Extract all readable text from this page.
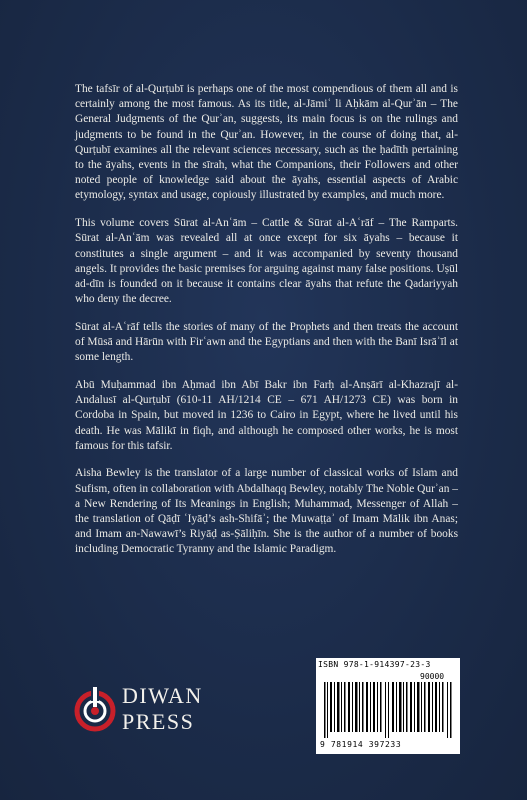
The tafsīr of al-Qurṭubī is perhaps one of the most compendious of them all and is certainly among the most famous. As its title, al-Jāmiʿ li Aḥkām al-Qurʾān – The General Judgments of the Qurʾan, suggests, its main focus is on the rulings and judgments to be found in the Qurʾan. However, in the course of doing that, al-Qurṭubī examines all the relevant sciences necessary, such as the ḥadīth pertaining to the āyahs, events in the sīrah, what the Companions, their Followers and other noted people of knowledge said about the āyahs, essential aspects of Arabic etymology, syntax and usage, copiously illustrated by examples, and much more.

This volume covers Sūrat al-Anʿām – Cattle & Sūrat al-Aʿrāf – The Ramparts. Sūrat al-Anʿām was revealed all at once except for six āyahs – because it constitutes a single argument – and it was accompanied by seventy thousand angels. It provides the basic premises for arguing against many false positions. Uṣūl ad-dīn is founded on it because it contains clear āyahs that refute the Qadariyyah who deny the decree.

Sūrat al-Aʿrāf tells the stories of many of the Prophets and then treats the account of Mūsā and Hārūn with Firʿawn and the Egyptians and then with the Banī Isrāʾīl at some length.

Abū Muḥammad ibn Aḥmad ibn Abī Bakr ibn Farḥ al-Anṣārī al-Khazrajī al-Andalusī al-Qurṭubī (610-11 AH/1214 CE – 671 AH/1273 CE) was born in Cordoba in Spain, but moved in 1236 to Cairo in Egypt, where he lived until his death. He was Mālikī in fiqh, and although he composed other works, he is most famous for this tafsir.

Aisha Bewley is the translator of a large number of classical works of Islam and Sufism, often in collaboration with Abdalhaqq Bewley, notably The Noble Qurʾan – a New Rendering of Its Meanings in English; Muhammad, Messenger of Allah – the translation of Qāḍī ʿIyāḍ’s ash-Shifāʾ; the Muwaṭṭaʾ of Imam Mālik ibn Anas; and Imam an-Nawawī’s Riyāḍ as-Ṣāliḥīn. She is the author of a number of books including Democratic Tyranny and the Islamic Paradigm.

DIWAN
PRESS
ISBN 978-1-914397-23-3
90000
9 781914 397233
